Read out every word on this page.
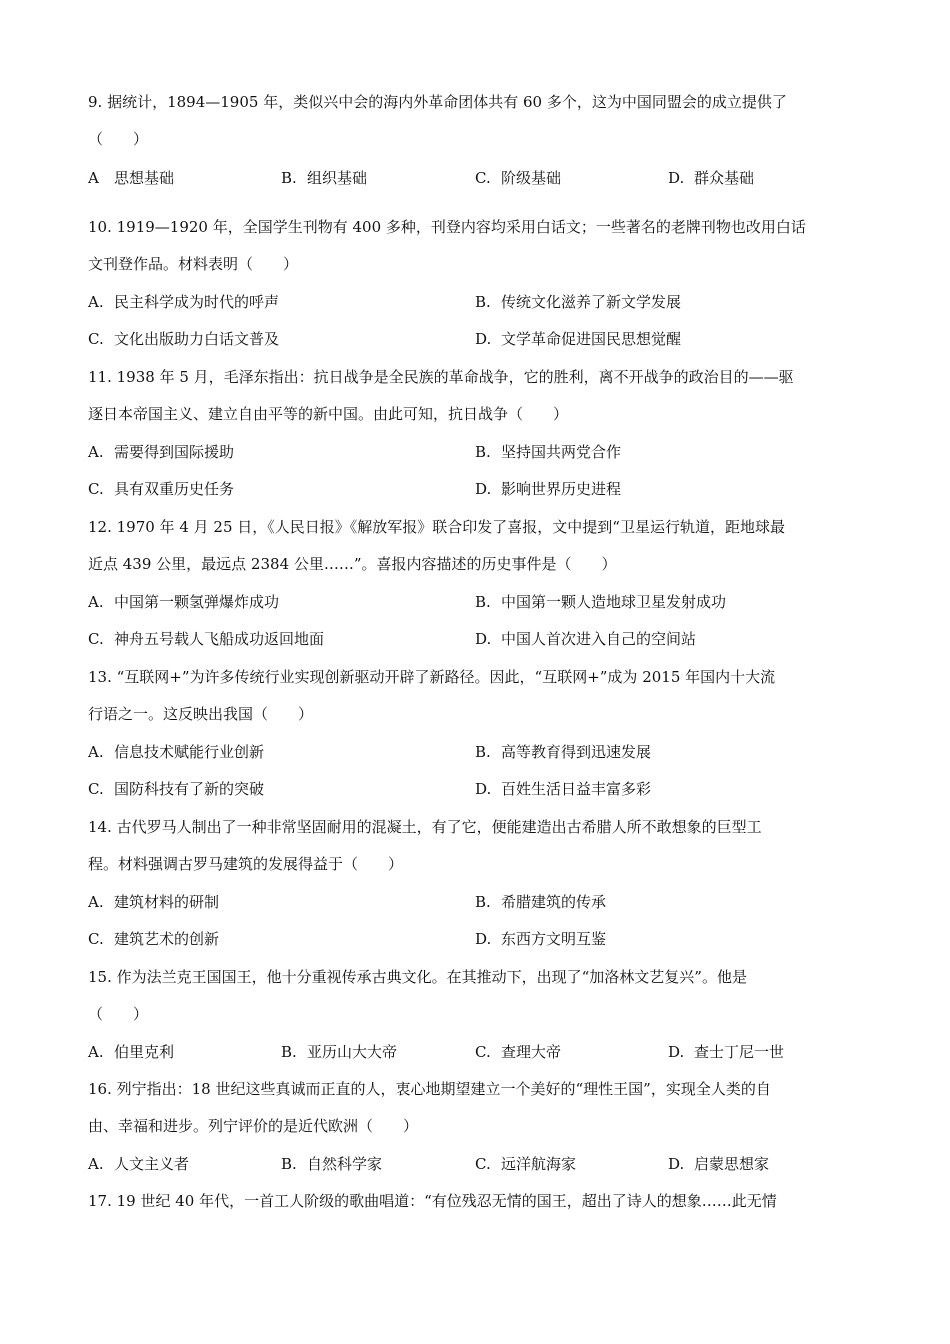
9. 据统计，1894—1905 年，类似兴中会的海内外革命团体共有 60 多个，这为中国同盟会的成立提供了
（　　）
A 思想基础	B. 组织基础	C. 阶级基础	D. 群众基础
10. 1919—1920 年，全国学生刊物有 400 多种，刊登内容均采用白话文；一些著名的老牌刊物也改用白话
文刊登作品。材料表明（　　）
A. 民主科学成为时代的呼声	B. 传统文化滋养了新文学发展
C. 文化出版助力白话文普及	D. 文学革命促进国民思想觉醒
11. 1938 年 5 月，毛泽东指出：抗日战争是全民族的革命战争，它的胜利，离不开战争的政治目的——驱
逐日本帝国主义、建立自由平等的新中国。由此可知，抗日战争（　　）
A. 需要得到国际援助	B. 坚持国共两党合作
C. 具有双重历史任务	D. 影响世界历史进程
12. 1970 年 4 月 25 日，《人民日报》《解放军报》联合印发了喜报，文中提到“卫星运行轨道，距地球最
近点 439 公里，最远点 2384 公里……”。喜报内容描述的历史事件是（　　）
A. 中国第一颗氢弹爆炸成功	B. 中国第一颗人造地球卫星发射成功
C. 神舟五号载人飞船成功返回地面	D. 中国人首次进入自己的空间站
13. “互联网+”为许多传统行业实现创新驱动开辟了新路径。因此，“互联网+”成为 2015 年国内十大流
行语之一。这反映出我国（　　）
A. 信息技术赋能行业创新	B. 高等教育得到迅速发展
C. 国防科技有了新的突破	D. 百姓生活日益丰富多彩
14. 古代罗马人制出了一种非常坚固耐用的混凝土，有了它，便能建造出古希腊人所不敢想象的巨型工
程。材料强调古罗马建筑的发展得益于（　　）
A. 建筑材料的研制	B. 希腊建筑的传承
C. 建筑艺术的创新	D. 东西方文明互鉴
15. 作为法兰克王国国王，他十分重视传承古典文化。在其推动下，出现了“加洛林文艺复兴”。他是
（　　）
A. 伯里克利	B. 亚历山大大帝	C. 查理大帝	D. 查士丁尼一世
16. 列宁指出：18 世纪这些真诚而正直的人，衷心地期望建立一个美好的“理性王国”，实现全人类的自
由、幸福和进步。列宁评价的是近代欧洲（　　）
A. 人文主义者	B. 自然科学家	C. 远洋航海家	D. 启蒙思想家
17. 19 世纪 40 年代，一首工人阶级的歌曲唱道：“有位残忍无情的国王，超出了诗人的想象……此无情
